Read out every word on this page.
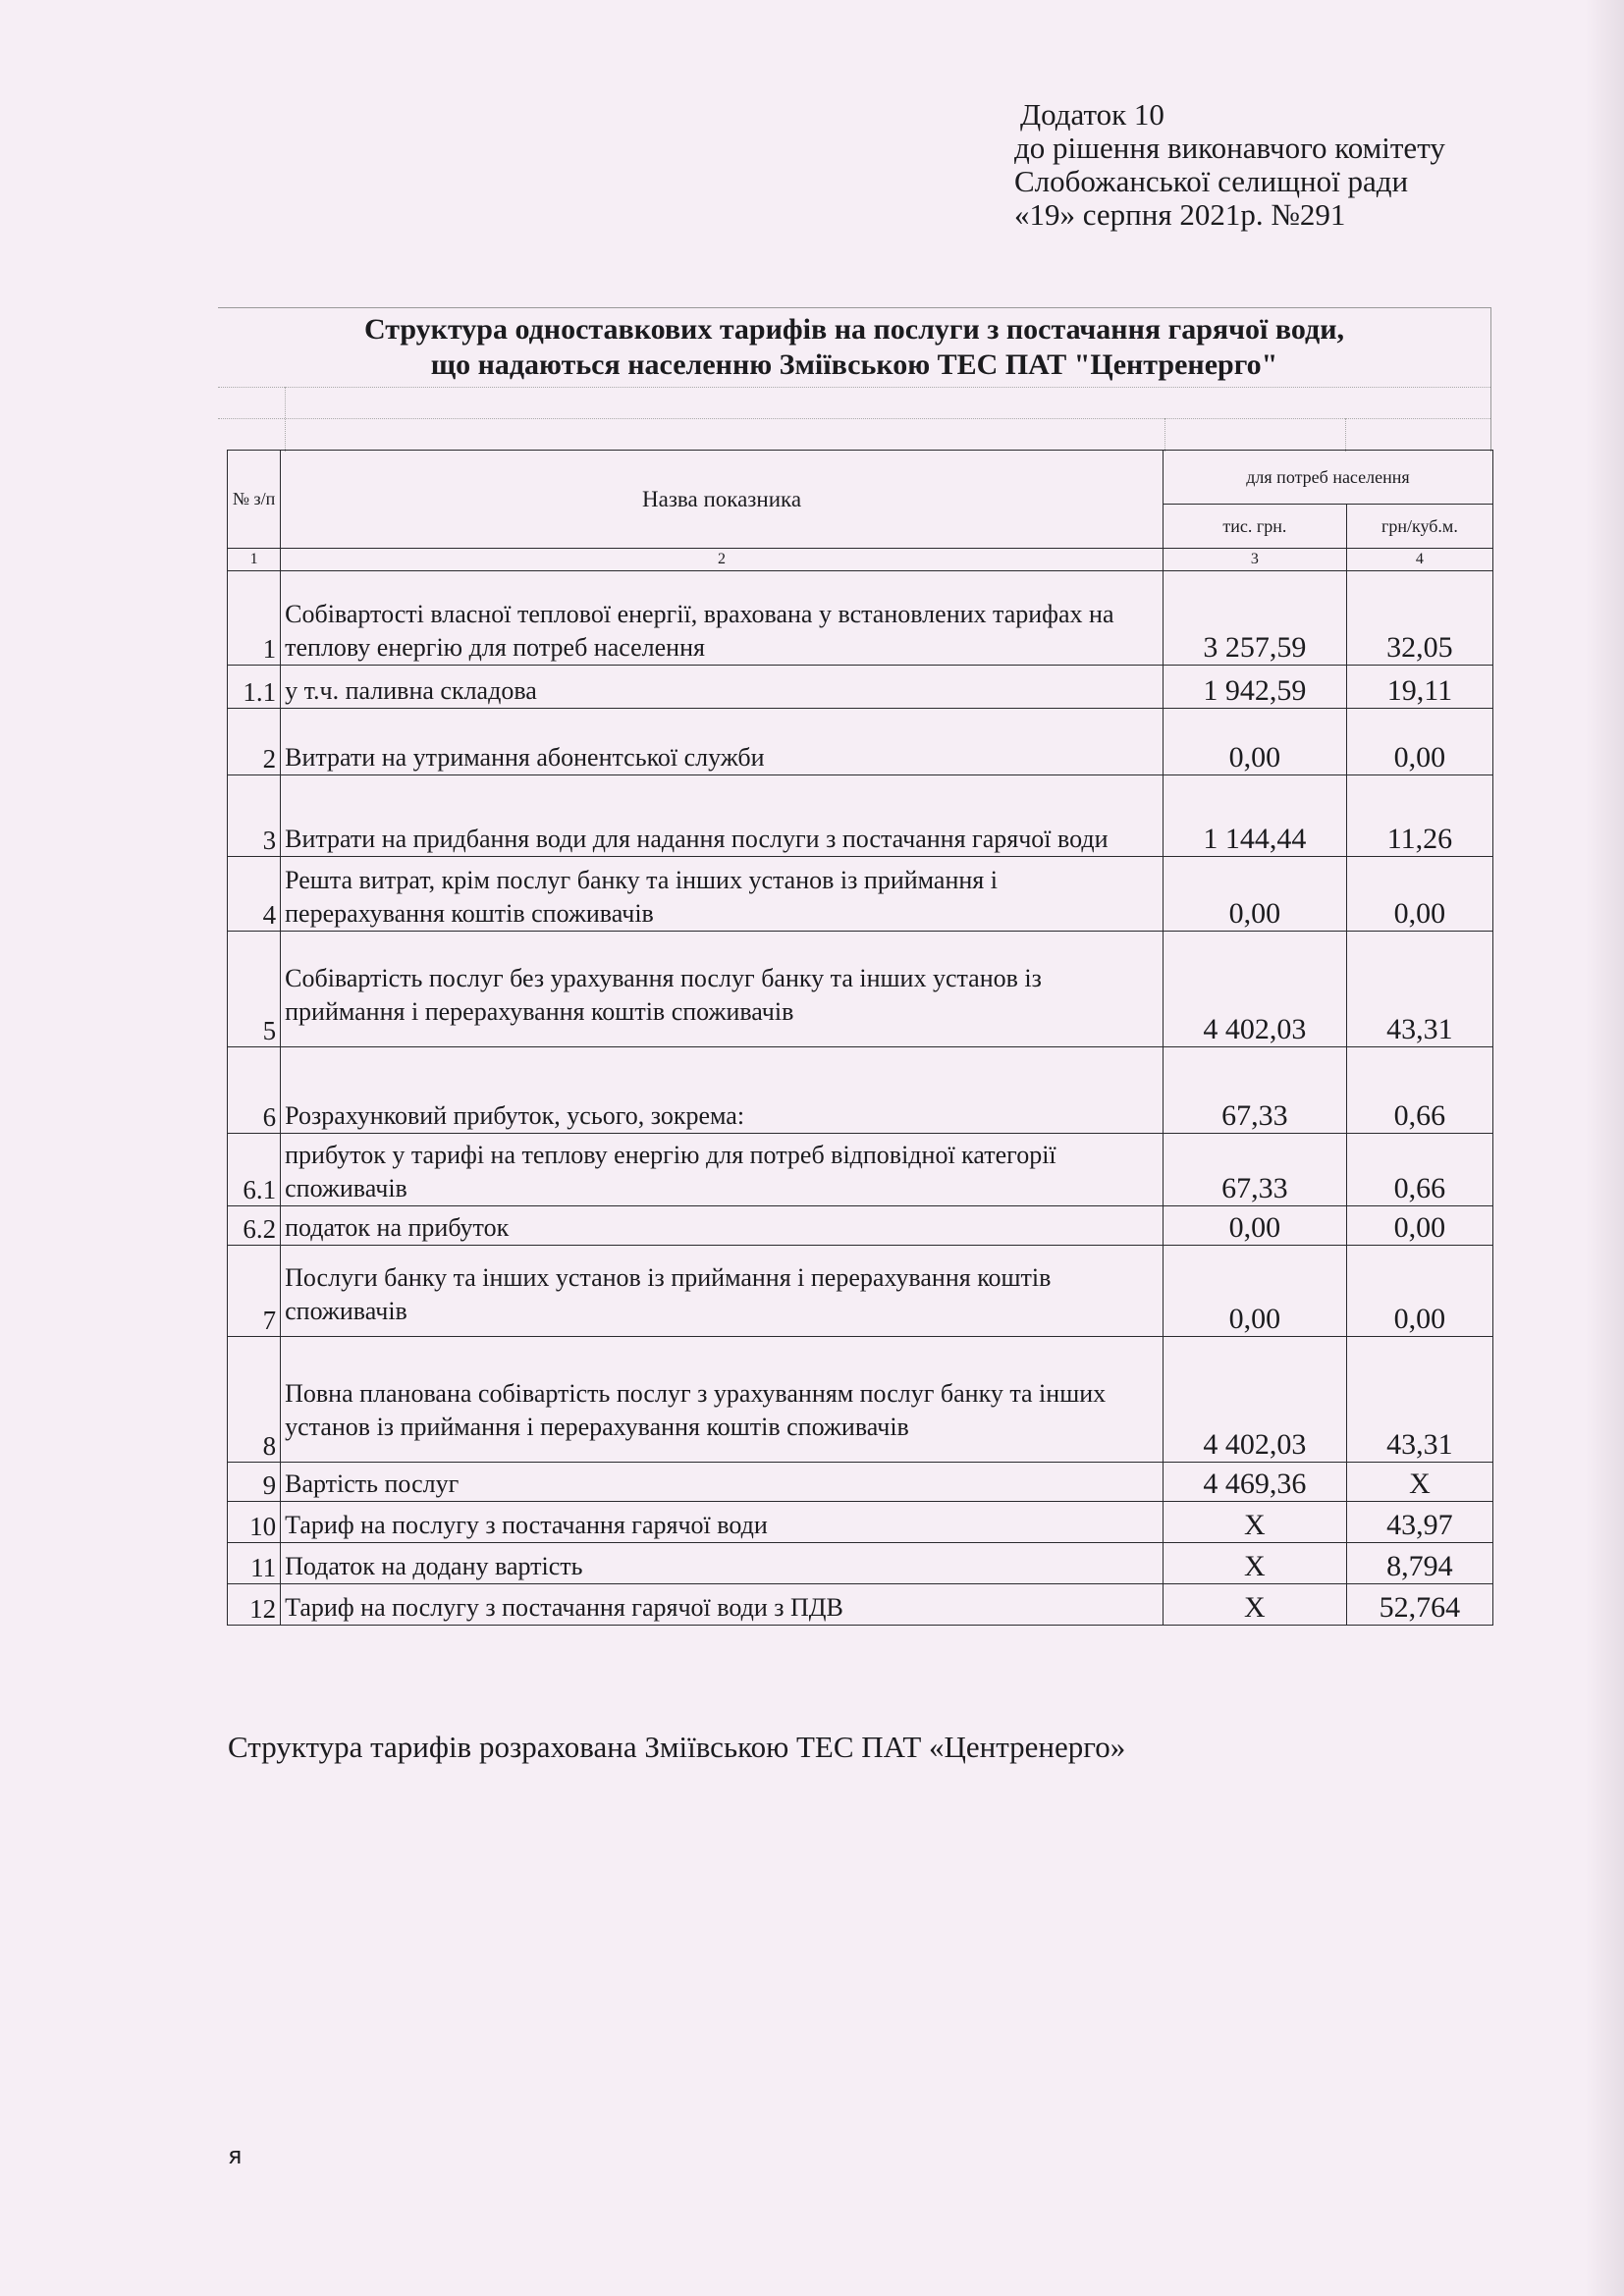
Додаток 10
до рішення виконавчого комітету
Слобожанської селищної ради
«19» серпня 2021р. №291
Структура одноставкових тарифів на послуги з постачання гарячої води,
що надаються населенню Зміївською ТЕС ПАТ "Центренерго"
№ з/п	Назва показника	для потреб населення	
		тис. грн.	грн/куб.м.
1	2	3	4
1	Собівартості власної теплової енергії, врахована у встановлених тарифах на теплову енергію для потреб населення	3 257,59	32,05
1.1	у т.ч. паливна складова	1 942,59	19,11
2	Витрати на утримання абонентської служби	0,00	0,00
3	Витрати на придбання води для надання послуги з постачання гарячої води	1 144,44	11,26
4	Решта витрат, крім послуг банку та інших установ із приймання і перерахування коштів споживачів	0,00	0,00
5	Собівартість послуг без урахування послуг банку та інших установ із приймання і перерахування коштів споживачів	4 402,03	43,31
6	Розрахунковий прибуток, усього, зокрема:	67,33	0,66
6.1	прибуток у тарифі на теплову енергію для потреб відповідної категорії споживачів	67,33	0,66
6.2	податок на прибуток	0,00	0,00
7	Послуги банку та інших установ із приймання і перерахування коштів споживачів	0,00	0,00
8	Повна планована собівартість послуг з урахуванням послуг банку та інших установ із приймання і перерахування коштів споживачів	4 402,03	43,31
9	Вартість послуг	4 469,36	Х
10	Тариф на послугу з постачання гарячої води	Х	43,97
11	Податок на додану вартість	Х	8,794
12	Тариф на послугу з постачання гарячої води з ПДВ	Х	52,764
Структура тарифів розрахована Зміївською ТЕС ПАТ «Центренерго»
я
